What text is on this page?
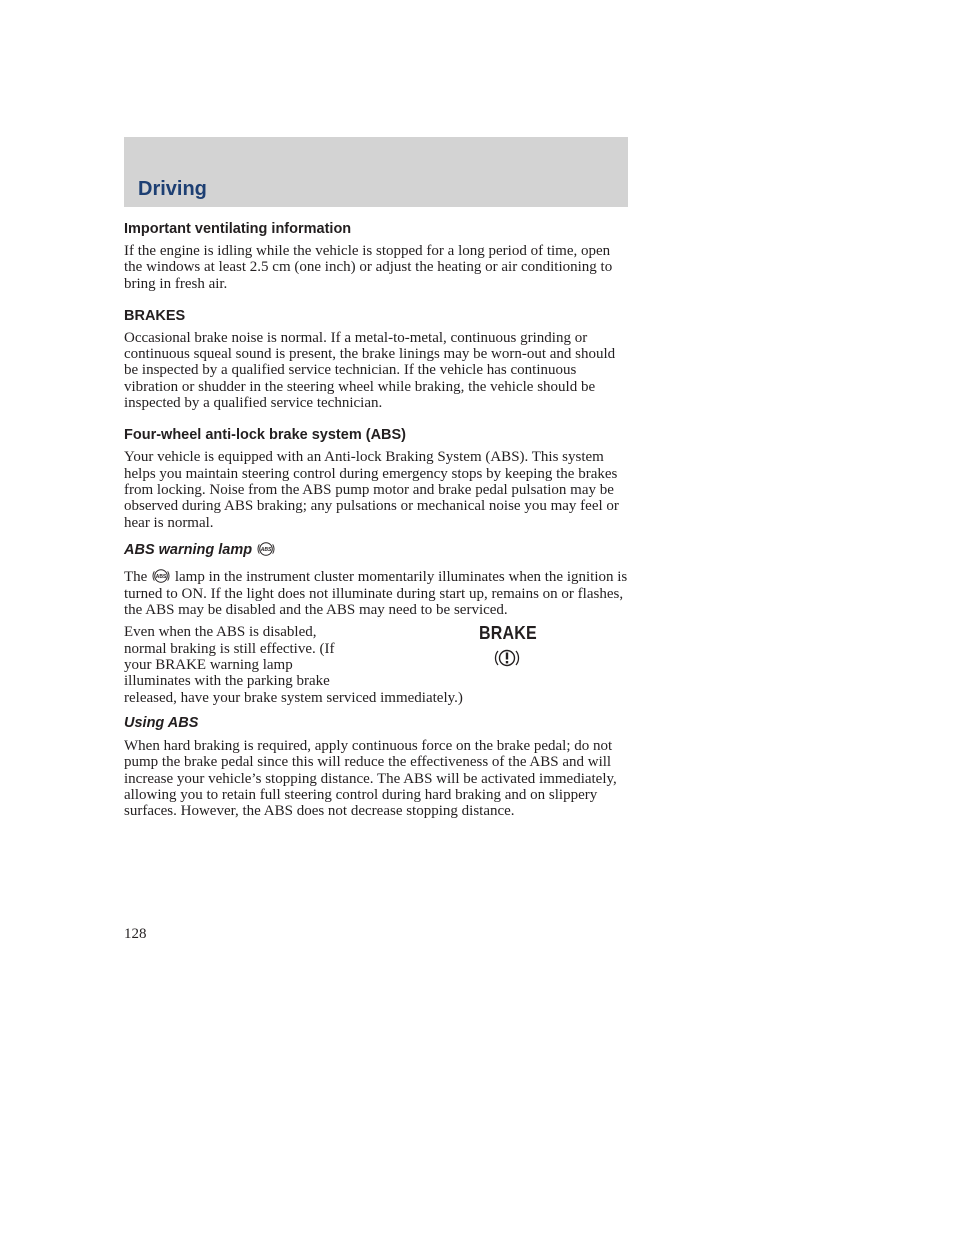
Driving
Important ventilating information

If the engine is idling while the vehicle is stopped for a long period of time, open the windows at least 2.5 cm (one inch) or adjust the heating or air conditioning to bring in fresh air.

BRAKES

Occasional brake noise is normal. If a metal-to-metal, continuous grinding or continuous squeal sound is present, the brake linings may be worn-out and should be inspected by a qualified service technician. If the vehicle has continuous vibration or shudder in the steering wheel while braking, the vehicle should be inspected by a qualified service technician.

Four-wheel anti-lock brake system (ABS)

Your vehicle is equipped with an Anti-lock Braking System (ABS). This system helps you maintain steering control during emergency stops by keeping the brakes from locking. Noise from the ABS pump motor and brake pedal pulsation may be observed during ABS braking; any pulsations or mechanical noise you may feel or hear is normal.

ABS warning lamp ABS

The ABS lamp in the instrument cluster momentarily illuminates when the ignition is turned to ON. If the light does not illuminate during start up, remains on or flashes, the ABS may be disabled and the ABS may need to be serviced.

Even when the ABS is disabled,
normal braking is still effective. (If
your BRAKE warning lamp
illuminates with the parking brake
released, have your brake system serviced immediately.)

BRAKE

Using ABS

When hard braking is required, apply continuous force on the brake pedal; do not pump the brake pedal since this will reduce the effectiveness of the ABS and will increase your vehicle’s stopping distance. The ABS will be activated immediately, allowing you to retain full steering control during hard braking and on slippery surfaces. However, the ABS does not decrease stopping distance.

128
